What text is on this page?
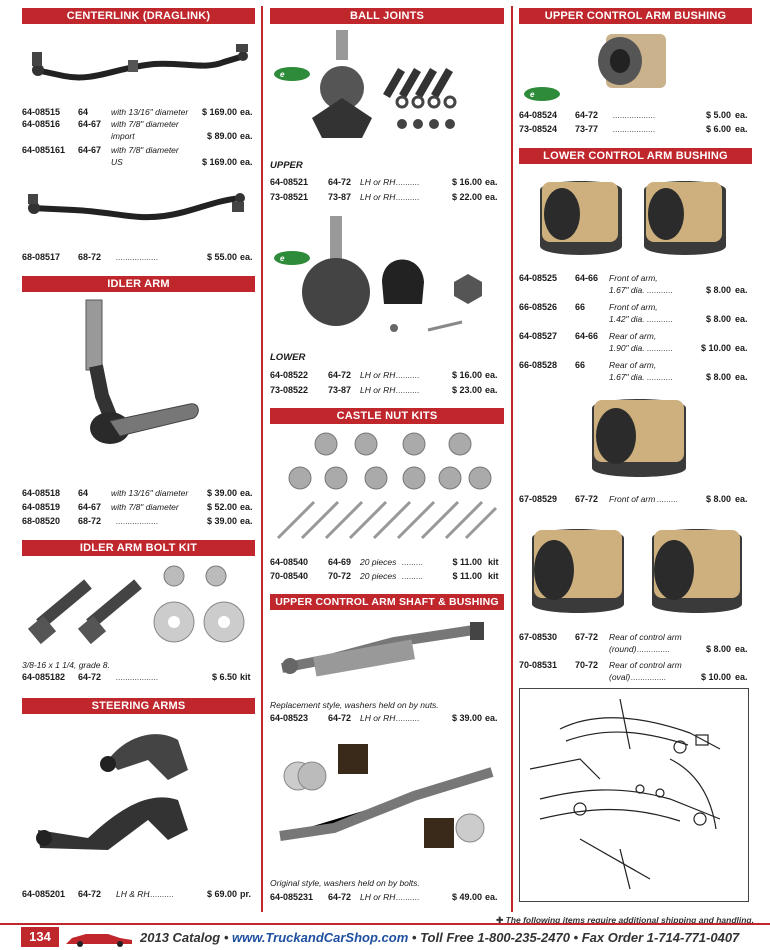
CENTERLINK (DRAGLINK)
64-08515 64	with 13/16" diameter	$ 169.00 ea.
64-08516 64-67 with 7/8" diameter
import	$ 89.00 ea.
64-085161 64-67 with 7/8" diameter
US	$ 169.00 ea.
68-08517 68-72 ..................	$ 55.00 ea.
IDLER ARM
64-08518 64	with 13/16" diameter	$ 39.00 ea.
64-08519 64-67 with 7/8" diameter	$ 52.00 ea.
68-08520 68-72 ..................	$ 39.00 ea.
IDLER ARM BOLT KIT
3/8-16 x 1 1/4, grade 8.
64-085182 64-72 ..................	$ 6.50 kit
STEERING ARMS
64-085201 64-72 LH & RH
...........	$ 69.00 pr.
BALL JOINTS
e
UPPER
64-08521 64-72 LH or RH ..........	$ 16.00 ea.
73-08521 73-87 LH or RH ..........	$ 22.00 ea.
e
LOWER
64-08522 64-72 LH or RH ..........	$ 16.00 ea.
73-08522 73-87 LH or RH ..........	$ 23.00 ea.
CASTLE NUT KITS
64-08540 64-69 20 pieces .........	$ 11.00 kit
70-08540 70-72 20 pieces .........	$ 11.00 kit
UPPER CONTROL ARM SHAFT & BUSHING KIT
Replacement style, washers held on by nuts.
64-08523 64-72 LH or RH ..........	$ 39.00 ea.
Original style, washers held on by bolts.
64-085231 64-72 LH or RH ..........	$ 49.00 ea.
UPPER CONTROL ARM BUSHING
e
64-08524 64-72 ..................	$ 5.00 ea.
73-08524 73-77 ..................	$ 6.00 ea.
LOWER CONTROL ARM BUSHING
64-08525 64-66 Front of arm,
1.67" dia. ...........	$ 8.00 ea.
66-08526 66	Front of arm,
1.42" dia. ...........	$ 8.00 ea.
64-08527 64-66 Rear of arm,
1.90" dia. ...........	$ 10.00 ea.
66-08528 66	Rear of arm,
1.67" dia. ...........	$ 8.00 ea.
67-08529 67-72 Front of arm .........	$ 8.00 ea.
67-08530 67-72 Rear of control arm
(round) ..............	$ 8.00 ea.
70-08531 70-72 Rear of control arm
(oval) ...............	$ 10.00 ea.
✚ The following items require additional shipping and handling.
134	2013 Catalog • www.TruckandCarShop.com • Toll Free 1-800-235-2470 • Fax Order 1-714-771-0407
